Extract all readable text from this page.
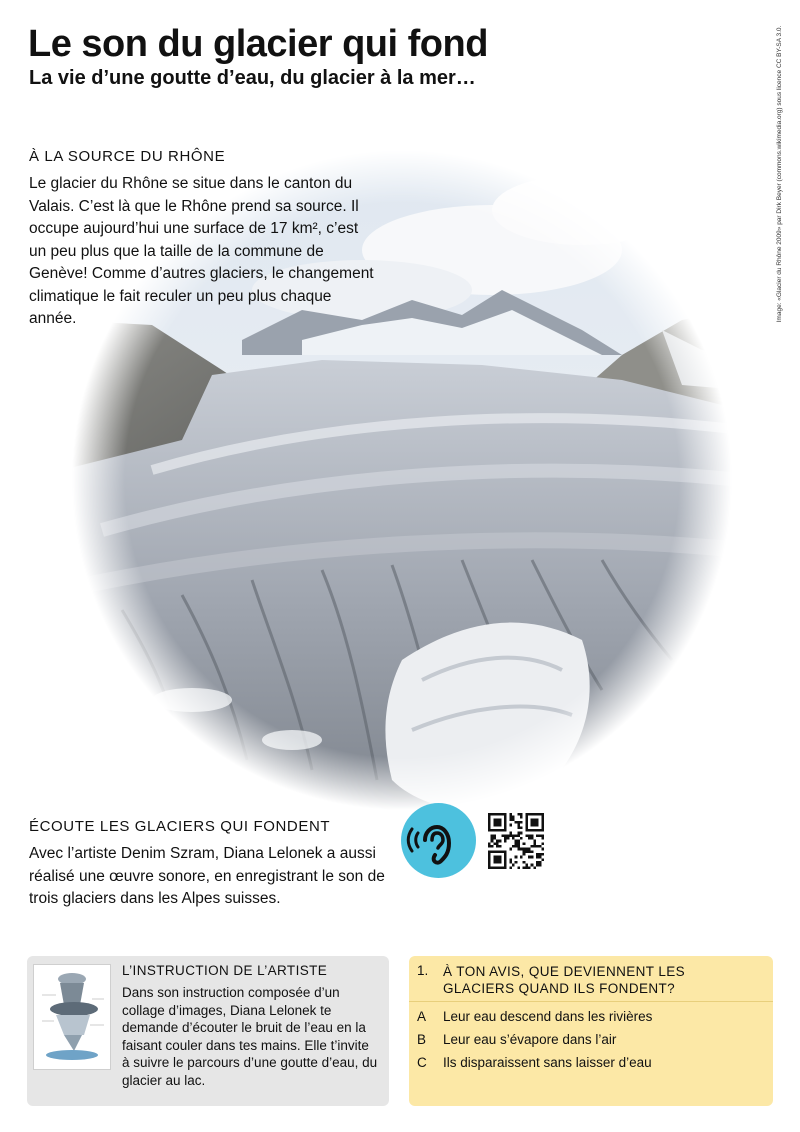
Le son du glacier qui fond
La vie d’une goutte d’eau, du glacier à la mer…	Image: «Glacier du Rhône 2009» par Dirk Beyer (commons.wikimedia.org) sous licence CC BY-SA 3.0.
À LA SOURCE DU RHÔNE
Le glacier du Rhône se situe dans le canton du Valais. C’est là que le Rhône prend sa source. Il occupe aujourd’hui une surface de 17 km², c’est un peu plus que la taille de la commune de Genève! Comme d’autres glaciers, le changement climatique le fait reculer un peu plus chaque année.
ÉCOUTE LES GLACIERS QUI FONDENT
Avec l’artiste Denim Szram, Diana Lelonek a aussi réalisé une œuvre sonore, en enregistrant le son de trois glaciers dans les Alpes suisses.
L’INSTRUCTION DE L’ARTISTE
Dans son instruction composée d’un collage d’images, Diana Lelonek te demande d’écouter le bruit de l’eau en la faisant couler dans tes mains. Elle t’invite à suivre le parcours d’une goutte d’eau, du glacier au lac.
1. À TON AVIS, QUE DEVIENNENT LES GLACIERS QUAND ILS FONDENT?
A Leur eau descend dans les rivières
B Leur eau s’évapore dans l’air
C Ils disparaissent sans laisser d’eau
